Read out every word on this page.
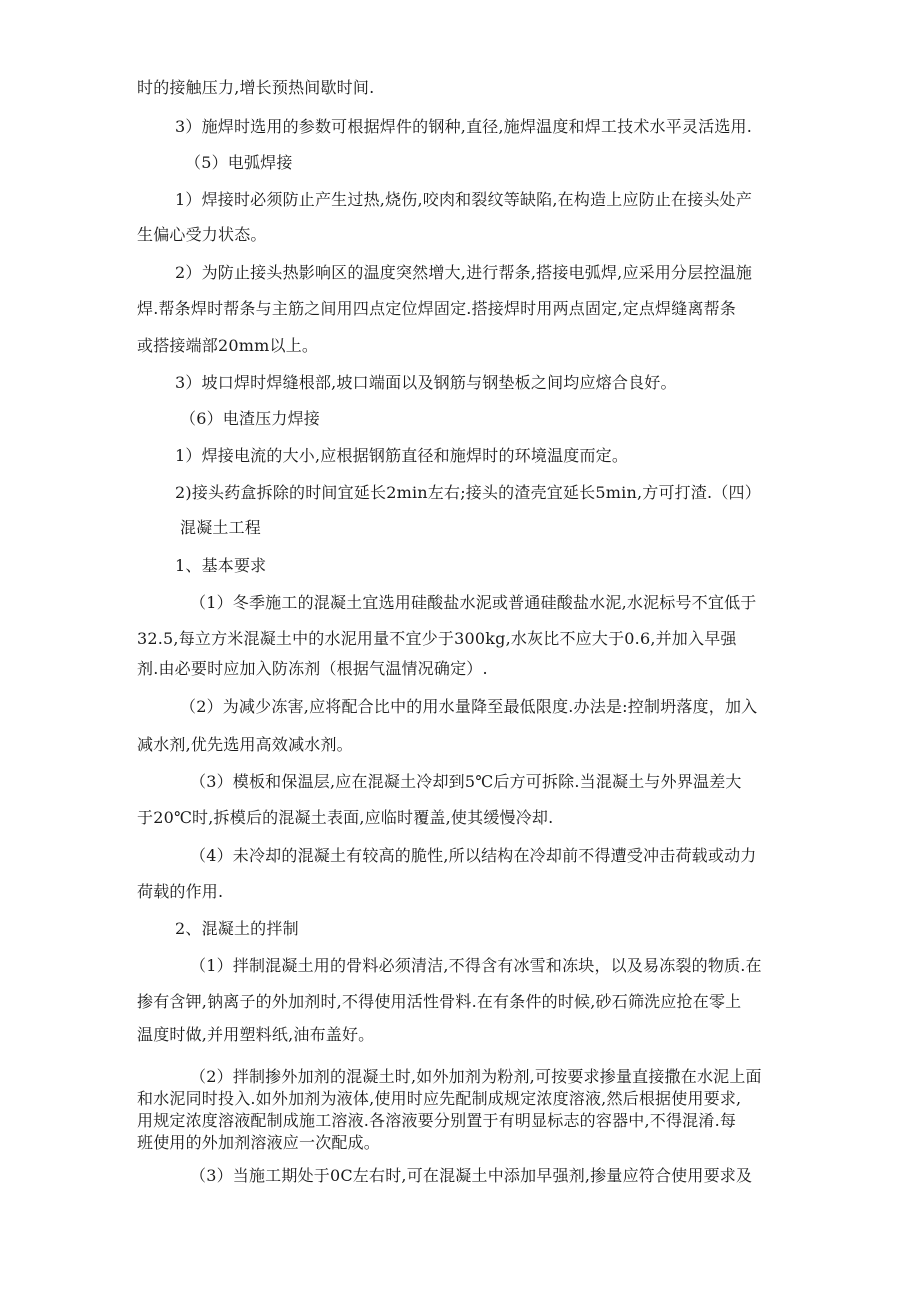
时的接触压力,增长预热间歇时间.
3）施焊时选用的参数可根据焊件的钢种,直径,施焊温度和焊工技术水平灵活选用.
（5）电弧焊接
1）焊接时必须防止产生过热,烧伤,咬肉和裂纹等缺陷,在构造上应防止在接头处产
生偏心受力状态。
2）为防止接头热影响区的温度突然增大,进行帮条,搭接电弧焊,应采用分层控温施
焊.帮条焊时帮条与主筋之间用四点定位焊固定.搭接焊时用两点固定,定点焊缝离帮条
或搭接端部20mm以上。
3）坡口焊时焊缝根部,坡口端面以及钢筋与钢垫板之间均应熔合良好。
（6）电渣压力焊接
1）焊接电流的大小,应根据钢筋直径和施焊时的环境温度而定。
2)接头药盒拆除的时间宜延长2min左右;接头的渣壳宜延长5min,方可打渣.（四）
混凝土工程
1、基本要求
（1）冬季施工的混凝土宜选用硅酸盐水泥或普通硅酸盐水泥,水泥标号不宜低于
32.5,每立方米混凝土中的水泥用量不宜少于300kg,水灰比不应大于0.6,并加入早强
剂.由必要时应加入防冻剂（根据气温情况确定）.
（2）为减少冻害,应将配合比中的用水量降至最低限度.办法是:控制坍落度，加入
减水剂,优先选用高效减水剂。
（3）模板和保温层,应在混凝土冷却到5℃后方可拆除.当混凝土与外界温差大
于20℃时,拆模后的混凝土表面,应临时覆盖,使其缓慢冷却.
（4）未冷却的混凝土有较高的脆性,所以结构在冷却前不得遭受冲击荷载或动力
荷载的作用.
2、混凝土的拌制
（1）拌制混凝土用的骨料必须清洁,不得含有冰雪和冻块，以及易冻裂的物质.在
掺有含钾,钠离子的外加剂时,不得使用活性骨料.在有条件的时候,砂石筛洗应抢在零上
温度时做,并用塑料纸,油布盖好。
（2）拌制掺外加剂的混凝土时,如外加剂为粉剂,可按要求掺量直接撒在水泥上面
和水泥同时投入.如外加剂为液体,使用时应先配制成规定浓度溶液,然后根据使用要求,
用规定浓度溶液配制成施工溶液.各溶液要分别置于有明显标志的容器中,不得混淆.每
班使用的外加剂溶液应一次配成。
（3）当施工期处于0C左右时,可在混凝土中添加早强剂,掺量应符合使用要求及
